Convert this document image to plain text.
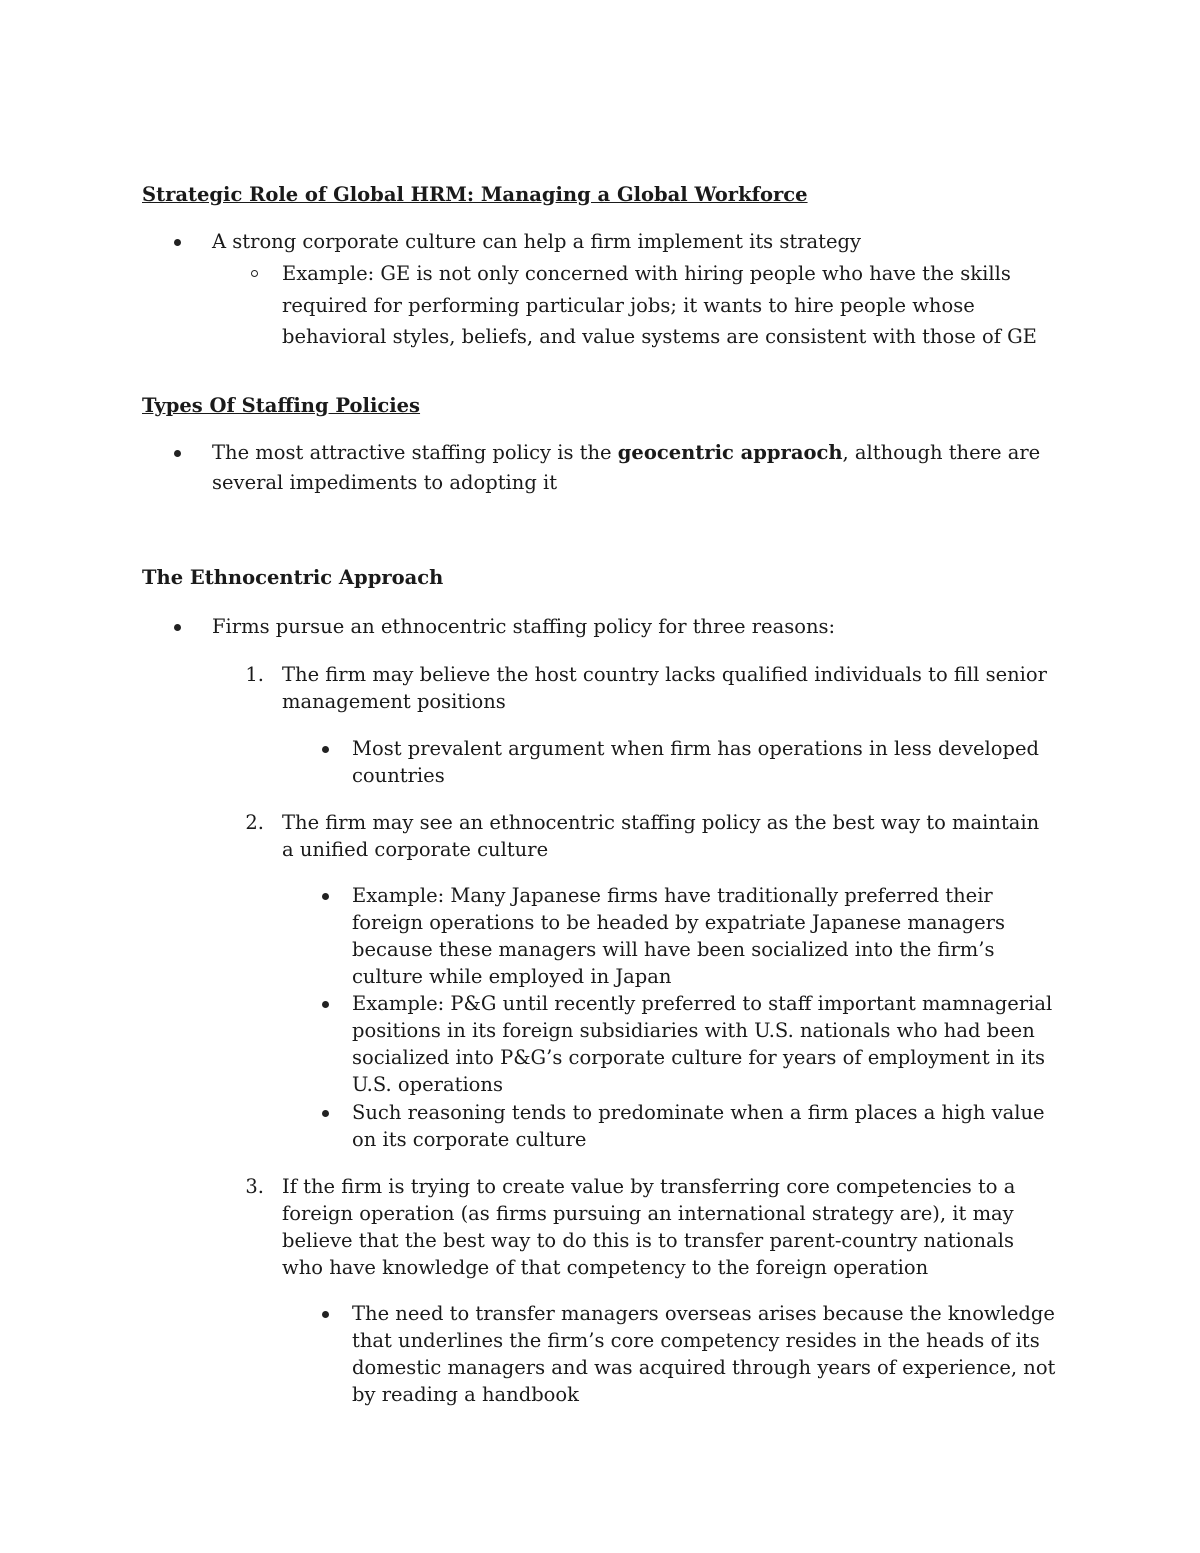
Strategic Role of Global HRM: Managing a Global Workforce
A strong corporate culture can help a firm implement its strategy
Example: GE is not only concerned with hiring people who have the skills required for performing particular jobs; it wants to hire people whose behavioral styles, beliefs, and value systems are consistent with those of GE
Types Of Staffing Policies
The most attractive staffing policy is the geocentric appraoch, although there are several impediments to adopting it
The Ethnocentric Approach
Firms pursue an ethnocentric staffing policy for three reasons:
1. The firm may believe the host country lacks qualified individuals to fill senior management positions
Most prevalent argument when firm has operations in less developed countries
2. The firm may see an ethnocentric staffing policy as the best way to maintain a unified corporate culture
Example: Many Japanese firms have traditionally preferred their foreign operations to be headed by expatriate Japanese managers because these managers will have been socialized into the firm’s culture while employed in Japan
Example: P&G until recently preferred to staff important mamnagerial positions in its foreign subsidiaries with U.S. nationals who had been socialized into P&G’s corporate culture for years of employment in its U.S. operations
Such reasoning tends to predominate when a firm places a high value on its corporate culture
3. If the firm is trying to create value by transferring core competencies to a foreign operation (as firms pursuing an international strategy are), it may believe that the best way to do this is to transfer parent-country nationals who have knowledge of that competency to the foreign operation
The need to transfer managers overseas arises because the knowledge that underlines the firm’s core competency resides in the heads of its domestic managers and was acquired through years of experience, not by reading a handbook
